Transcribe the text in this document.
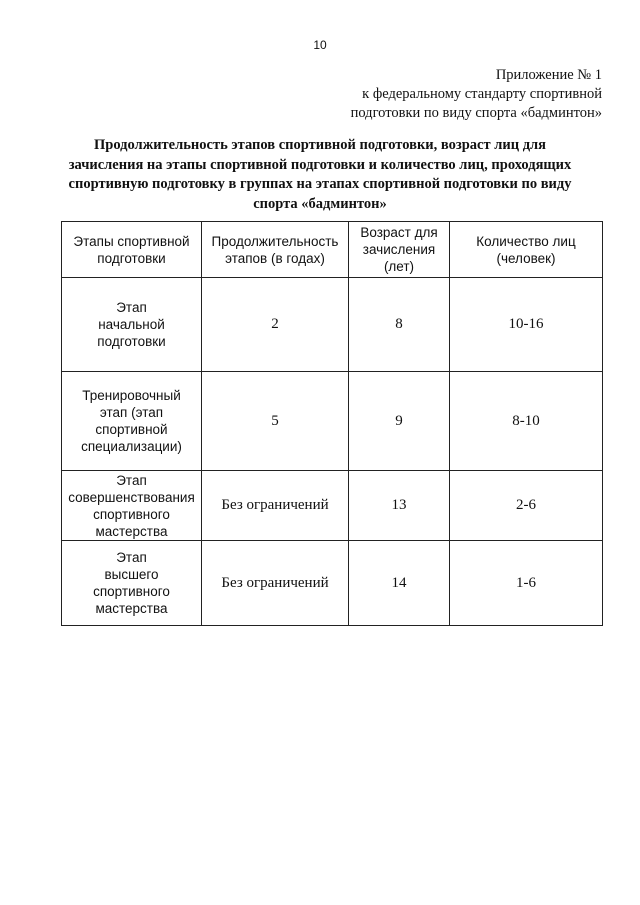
10
Приложение № 1
к федеральному стандарту спортивной
подготовки по виду спорта «бадминтон»
Продолжительность этапов спортивной подготовки, возраст лиц для
зачисления на этапы спортивной подготовки и количество лиц, проходящих
спортивную подготовку в группах на этапах спортивной подготовки по виду
спорта «бадминтон»
Этапы спортивной
подготовки	Продолжительность
этапов (в годах)	Возраст для
зачисления
(лет)	Количество лиц
(человек)
Этап
начальной
подготовки	2	8	10-16
Тренировочный
этап (этап
спортивной
специализации)	5	9	8-10
Этап
совершенствования
спортивного
мастерства	Без ограничений	13	2-6
Этап
высшего
спортивного
мастерства	Без ограничений	14	1-6
